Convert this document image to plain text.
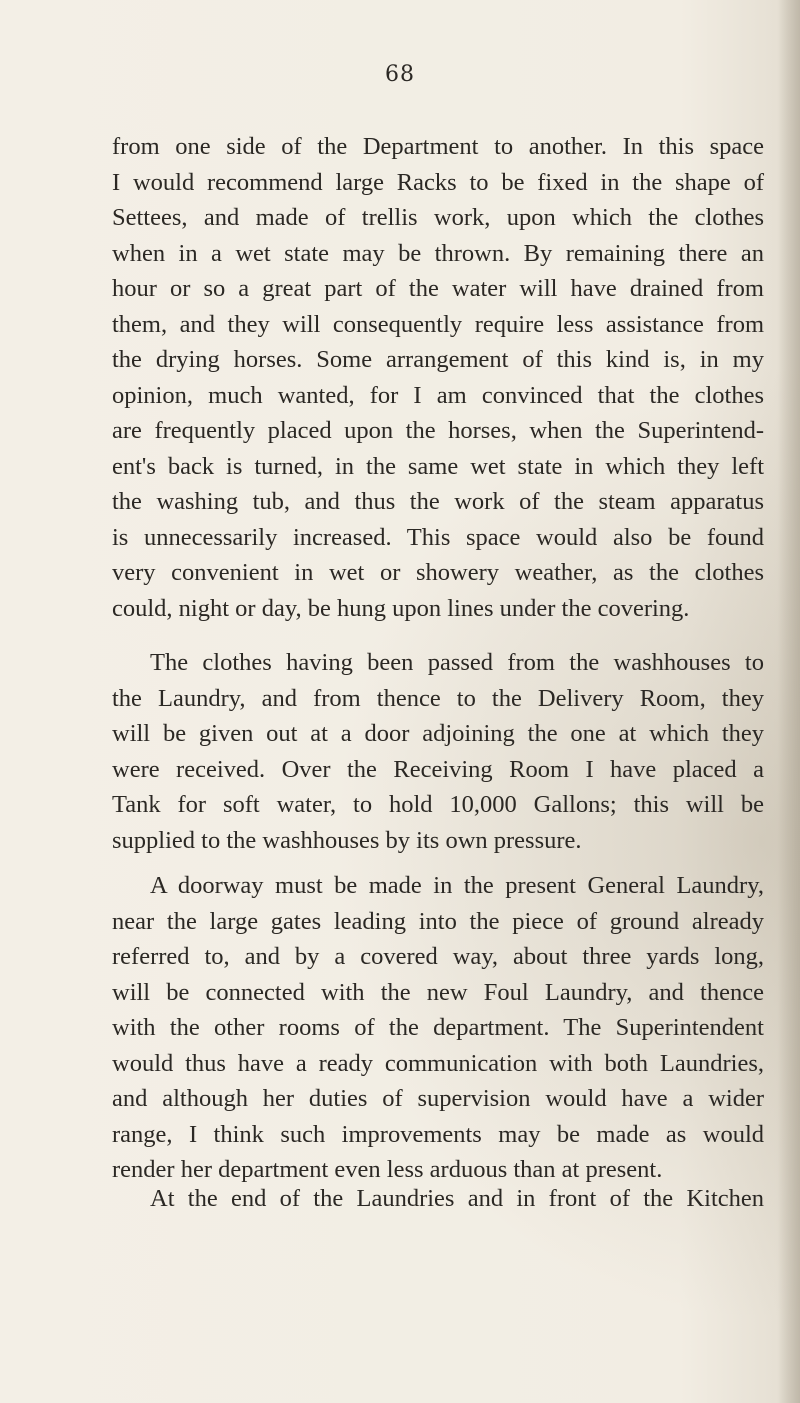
68
from one side of the Department to another. In this space
I would recommend large Racks to be fixed in the shape of
Settees, and made of trellis work, upon which the clothes
when in a wet state may be thrown. By remaining there an
hour or so a great part of the water will have drained from
them, and they will consequently require less assistance from
the drying horses. Some arrangement of this kind is, in my
opinion, much wanted, for I am convinced that the clothes
are frequently placed upon the horses, when the Superintend-
ent's back is turned, in the same wet state in which they left
the washing tub, and thus the work of the steam apparatus
is unnecessarily increased. This space would also be found
very convenient in wet or showery weather, as the clothes
could, night or day, be hung upon lines under the covering.
The clothes having been passed from the washhouses to
the Laundry, and from thence to the Delivery Room, they
will be given out at a door adjoining the one at which they
were received. Over the Receiving Room I have placed a
Tank for soft water, to hold 10,000 Gallons; this will be
supplied to the washhouses by its own pressure.
A doorway must be made in the present General Laundry,
near the large gates leading into the piece of ground already
referred to, and by a covered way, about three yards long,
will be connected with the new Foul Laundry, and thence
with the other rooms of the department. The Superintendent
would thus have a ready communication with both Laundries,
and although her duties of supervision would have a wider
range, I think such improvements may be made as would
render her department even less arduous than at present.
At the end of the Laundries and in front of the Kitchen
